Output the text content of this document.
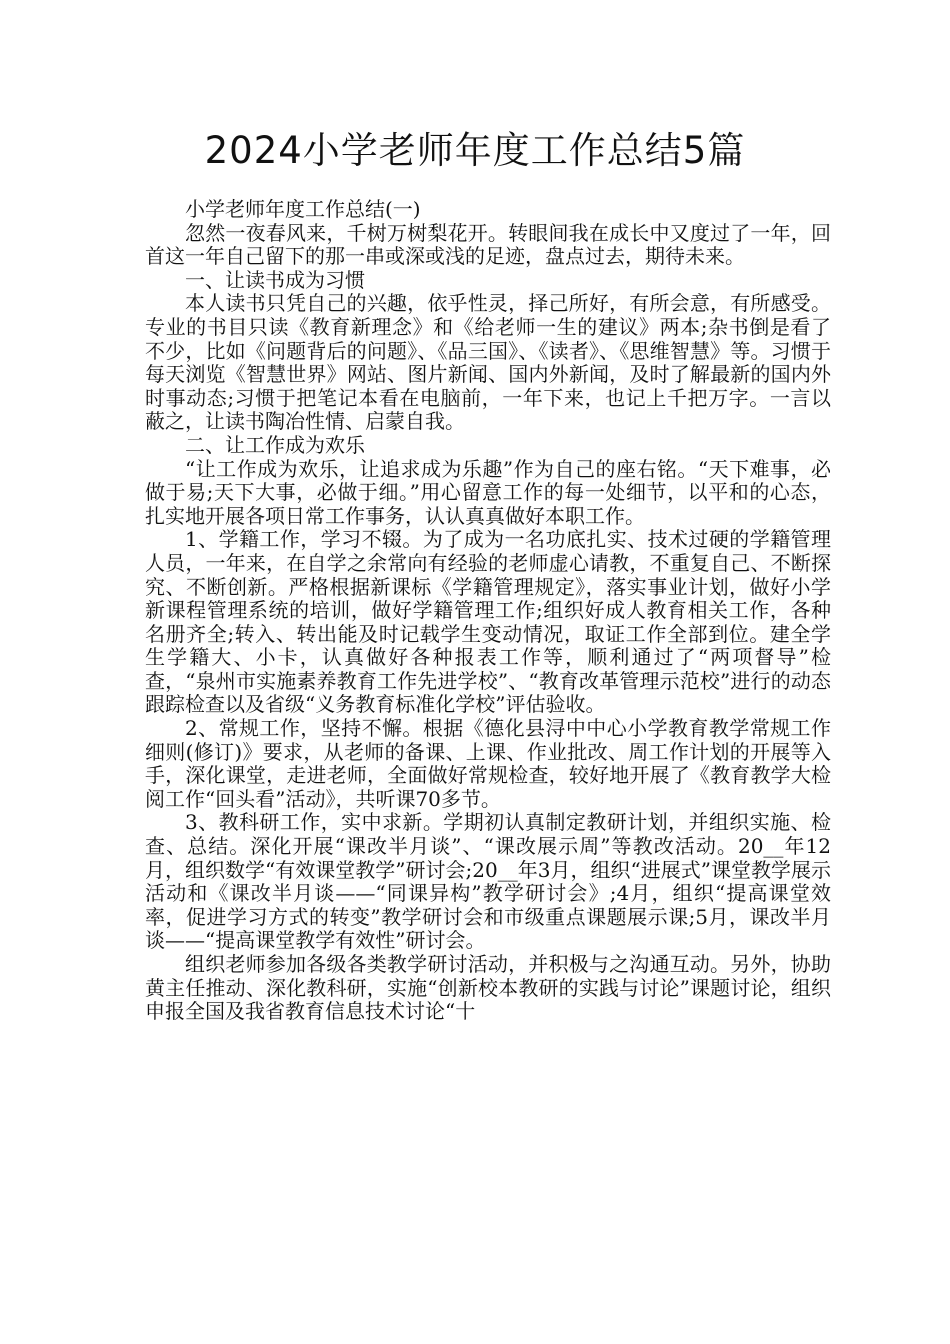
2024小学老师年度工作总结5篇

小学老师年度工作总结(一)

忽然一夜春风来，千树万树梨花开。转眼间我在成长中又度过了一年，回首这一年自己留下的那一串或深或浅的足迹，盘点过去，期待未来。

一、让读书成为习惯

本人读书只凭自己的兴趣，依乎性灵，择己所好，有所会意，有所感受。专业的书目只读《教育新理念》和《给老师一生的建议》两本;杂书倒是看了不少，比如《问题背后的问题》、《品三国》、《读者》、《思维智慧》等。习惯于每天浏览《智慧世界》网站、图片新闻、国内外新闻，及时了解最新的国内外时事动态;习惯于把笔记本看在电脑前，一年下来，也记上千把万字。一言以蔽之，让读书陶冶性情、启蒙自我。

二、让工作成为欢乐

“让工作成为欢乐，让追求成为乐趣”作为自己的座右铭。“天下难事，必做于易;天下大事，必做于细。”用心留意工作的每一处细节，以平和的心态，扎实地开展各项日常工作事务，认认真真做好本职工作。

1、学籍工作，学习不辍。为了成为一名功底扎实、技术过硬的学籍管理人员，一年来，在自学之余常向有经验的老师虚心请教，不重复自己、不断探究、不断创新。严格根据新课标《学籍管理规定》，落实事业计划，做好小学新课程管理系统的培训，做好学籍管理工作;组织好成人教育相关工作，各种名册齐全;转入、转出能及时记载学生变动情况，取证工作全部到位。建全学生学籍大、小卡，认真做好各种报表工作等，顺利通过了“两项督导”检查，“泉州市实施素养教育工作先进学校”、“教育改革管理示范校”进行的动态跟踪检查以及省级“义务教育标准化学校”评估验收。

2、常规工作，坚持不懈。根据《德化县浔中中心小学教育教学常规工作细则(修订)》要求，从老师的备课、上课、作业批改、周工作计划的开展等入手，深化课堂，走进老师，全面做好常规检查，较好地开展了《教育教学大检阅工作“回头看”活动》，共听课70多节。

3、教科研工作，实中求新。学期初认真制定教研计划，并组织实施、检查、总结。深化开展“课改半月谈”、“课改展示周”等教改活动。20__年12月，组织数学“有效课堂教学”研讨会;20__年3月，组织“进展式”课堂教学展示活动和《课改半月谈——“同课异构”教学研讨会》;4月，组织“提高课堂效率，促进学习方式的转变”教学研讨会和市级重点课题展示课;5月，课改半月谈——“提高课堂教学有效性”研讨会。

组织老师参加各级各类教学研讨活动，并积极与之沟通互动。另外，协助黄主任推动、深化教科研，实施“创新校本教研的实践与讨论”课题讨论，组织申报全国及我省教育信息技术讨论“十
